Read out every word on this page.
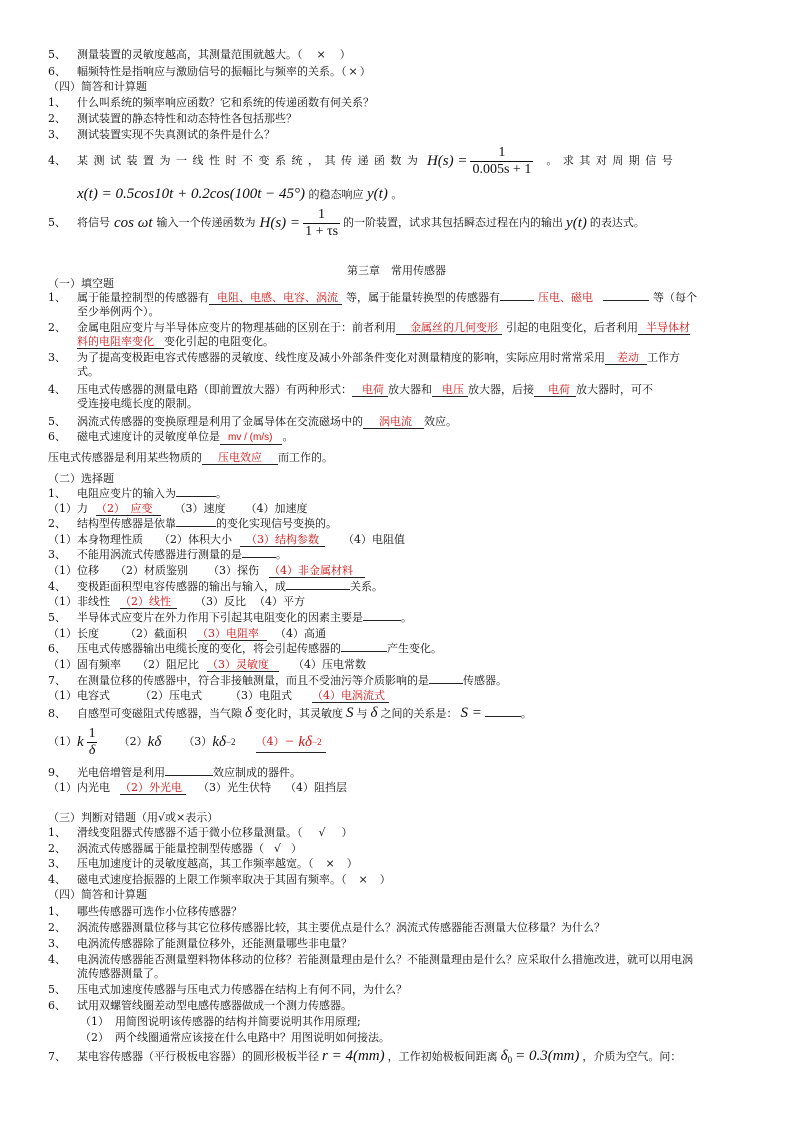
5、 测量装置的灵敏度越高，其测量范围就越大。（ × ）
6、 幅频特性是指响应与激励信号的振幅比与频率的关系。（ × ）
（四）简答和计算题
1、 什么叫系统的频率响应函数？它和系统的传递函数有何关系？
2、 测试装置的静态特性和动态特性各包括那些？
3、 测试装置实现不失真测试的条件是什么？
4、	某 测 试 装 置 为 一 线 性 时 不 变 系 统 ， 其 传 递 函 数 为 $H(s) = \frac{1}{0.005s + 1}$ 。 求 其 对 周 期 信 号
x(t) = 0.5cos10t + 0.2cos(100t − 45°) 的稳态响应 y(t) 。
5、	将信号 cos ωt 输入一个传递函数为 $H(s) = \frac{1}{1 + \tau s}$ 的一阶装置，试求其包括瞬态过程在内的输出 y(t) 的表达式。
第三章　常用传感器
（一）填空题
1、 属于能量控制型的传感器有 电阻、电感、电容、涡流 等，属于能量转换型的传感器有	压电、磁电	等（每个
至少举例两个）。
2、 金属电阻应变片与半导体应变片的物理基础的区别在于：前者利用 金属丝的几何变形 引起的电阻变化，后者利用 半导体材
料的电阻率变化 变化引起的电阻变化。
3、 为了提高变极距电容式传感器的灵敏度、线性度及减小外部条件变化对测量精度的影响，实际应用时常常采用 差动 工作方
式。
4、 压电式传感器的测量电路（即前置放大器）有两种形式： 电荷 放大器和 电压 放大器，后接 电荷 放大器时，可不
受连接电缆长度的限制。
5、 涡流式传感器的变换原理是利用了金属导体在交流磁场中的 涡电流 效应。
6、 磁电式速度计的灵敏度单位是 mv / (m/s) 。
压电式传感器是利用某些物质的 压电效应 而工作的。
（二）选择题
1、 电阻应变片的输入为	。
（1）力 （2）　应变 （3）速度 （4）加速度
2、 结构型传感器是依靠	的变化实现信号变换的。
（1）本身物理性质 （2）体积大小 （3）结构参数 （4）电阻值
3、 不能用涡流式传感器进行测量的是	。
（1）位移 （2）材质鉴别 （3）探伤 （4）非金属材料
4、 变极距面积型电容传感器的输出与输入，成	关系。
（1）非线性 （2）线性 （3）反比 （4）平方
5、 半导体式应变片在外力作用下引起其电阻变化的因素主要是	。
（1）长度 （2）截面积 （3）电阻率 （4）高通
6、 压电式传感器输出电缆长度的变化，将会引起传感器的	产生变化。
（1）固有频率 （2）阻尼比 （3）灵敏度 （4）压电常数
7、 在测量位移的传感器中，符合非接触测量，而且不受油污等介质影响的是	传感器。
（1）电容式	（2）压电式	（3）电阻式 （4）电涡流式
8、 自感型可变磁阻式传感器，当气隙 δ 变化时，其灵敏度 S 与 δ 之间的关系是： S =	。
（1） k $\frac{1}{\delta} (2)$ kδ （3） kδ −2 （4） − kδ −2
9、 光电倍增管是利用	效应制成的器件。
（1）内光电 （2）外光电 （3）光生伏特 （4）阻挡层
（三）判断对错题（用√或×表示）
1、 滑线变阻器式传感器不适于微小位移量测量。（ √ ）
2、 涡流式传感器属于能量控制型传感器（ √ ）
3、 压电加速度计的灵敏度越高，其工作频率越宽。（ × ）
4、 磁电式速度拾振器的上限工作频率取决于其固有频率。（ × ）
（四）简答和计算题
1、 哪些传感器可选作小位移传感器？
2、 涡流传感器测量位移与其它位移传感器比较，其主要优点是什么？涡流式传感器能否测量大位移量？为什么？
3、 电涡流传感器除了能测量位移外，还能测量哪些非电量？
4、 电涡流传感器能否测量塑料物体移动的位移？若能测量理由是什么？不能测量理由是什么？应采取什么措施改进，就可以用电涡
流传感器测量了。
5、 压电式加速度传感器与压电式力传感器在结构上有何不同，为什么？
6、 试用双螺管线圈差动型电感传感器做成一个测力传感器。
（1） 用简图说明该传感器的结构并简要说明其作用原理;
（2） 两个线圈通常应该接在什么电路中？用图说明如何接法。
7、 某电容传感器（平行极板电容器）的圆形极板半径 r = 4(mm) ，工作初始极板间距离 $\delta_0 = 0.3(mm)$ ，介质为空气。问：
